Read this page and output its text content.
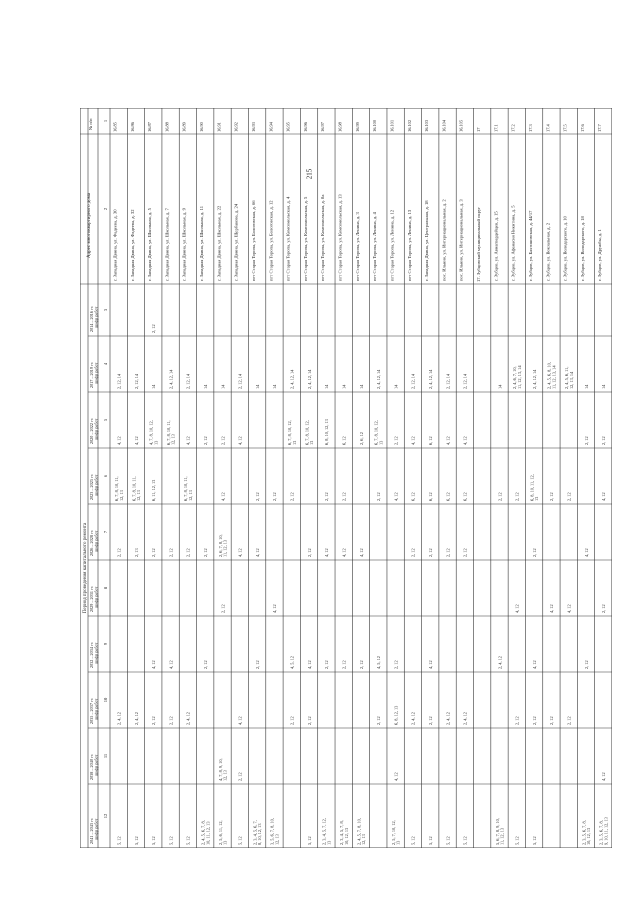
215
№ п/п
Адрес многоквартирного дома
Период проведения капитального ремонта
2014 – 2016 гг. шифр работ
2017 – 2019 гг. шифр работ
2020 – 2022 гг. шифр работ
2023 – 2025 гг. шифр работ
2026 – 2028 гг. шифр работ
2029 – 2031 гг. шифр работ
2032 – 2034 гг. шифр работ
2035 – 2037 гг. шифр работ
2038 – 2040 гг. шифр работ
2041 – 2043 гг. шифр работ
1
2
3
4
5
6
7
8
9
10
11
12
16.85
г. Западная Двина, ул. Фадеева, д. 30
2, 12, 14
4, 12
6, 7, 8, 10, 11,12, 13
2, 12
2, 4, 12
5, 12
16.86
г. Западная Двина, ул. Фадеева, д. 32
2, 12, 14
4, 12
6, 7, 8, 10, 11,12, 13
2, 13
2, 4, 12
5, 12
16.87
г. Западная Двина, ул. Школьная, д. 5
2, 12
14
4, 7, 8, 10, 12,13
6, 11, 12, 13
2, 12
4, 12
2, 12
5, 12
16.88
г. Западная Двина, ул. Школьная, д. 7
2, 4, 12, 14
6, 7, 8, 10, 11,12, 13
2, 12
4, 12
2, 12
5, 12
16.89
г. Западная Двина, ул. Школьная, д. 9
2, 12, 14
4, 12
6, 7, 8, 10, 11,12, 13
2, 12
2, 4, 12
5, 12
16.90
г. Западная Двина, ул. Школьная, д. 11
14
2, 12
2, 12
2, 12
2, 4, 5, 6, 7, 8,10, 11, 12, 13
16.91
г. Западная Двина, ул. Школьная, д. 22
14
2, 12
4, 12
2, 6, 7, 8, 10,11, 12, 13
2, 12
4, 7, 8, 9, 10,12, 13
2, 5, 6, 11, 12,13
16.92
г. Западная Двина, ул. Щербакова, д. 24
2, 12, 14
4, 12
4, 12
4, 12
2, 12
5, 12
16.93
пгт Старая Торопа, ул. Бологовская, д. 66
14
2, 12
4, 12
2, 12
2, 3, 4, 5, 6, 7,8, 10, 12, 13
16.94
пгт Старая Торопа, ул. Бологовская, д. 12
14
2, 12
4, 12
3, 5, 6, 7, 8, 10,12, 13
16.95
пгт Старая Торопа, ул. Комсомольская, д. 4
2, 4, 12, 14
6, 7, 8, 10, 12,13
2, 12
4, 5, 12
2, 12
16.96
пгт Старая Торопа, ул. Комсомольская, д. 5
2, 4, 12, 14
6, 7, 8, 10, 12,13
2, 12
4, 12
2, 12
5, 12
16.97
пгт Старая Торопа, ул. Комсомольская, д. 8а
14
6, 8, 10, 12, 13
2, 12
4, 12
2, 12
2, 3, 4, 5, 7, 12,13
16.98
пгт Старая Торопа, ул. Комсомольская, д. 13
14
6, 12
2, 12
4, 12
2, 12
2, 3, 4, 5, 7, 8,10, 12, 13
16.99
пгт Старая Торопа, ул. Ленина, д. 3
14
2, 6, 12
4, 12
2, 12
2, 4, 5, 7, 8, 10,12, 13
16.100
пгт Старая Торопа, ул. Ленина, д. 4
2, 4, 12, 14
6, 7, 8, 10, 12,13
2, 12
4, 5, 12
2, 12
16.101
пгт Старая Торопа, ул. Ленина, д. 12
14
2, 12
4, 12
2, 12
6, 8, 12, 13
4, 12
2, 5, 7, 10, 12,13
16.102
пгт Старая Торопа, ул. Ленина, д. 13
2, 12, 14
4, 12
6, 12
2, 12
2, 4, 12
5, 12
16.103
г. Западная Двина, ул. Центральная, д. 18
2, 4, 12, 14
6, 12
6, 12
2, 12
4, 12
2, 12
5, 12
16.104
пос. Ильино, ул. Интернациональная, д. 2
2, 12, 14
4, 12
6, 12
2, 12
2, 4, 12
5, 12
16.105
пос. Ильино, ул. Интернациональная, д. 3
2, 12, 14
4, 12
6, 12
2, 12
2, 4, 12
5, 12
17
17. Зубцовский муниципальный округ
17.1
г. Зубцов, ул. Авиагвардейцев, д. 15
14
2, 12
2, 4, 12
5, 6, 7, 8, 9, 10,11, 12, 13
17.2
г. Зубцов, ул. Афанасия Никитина, д. 5
2, 4, 6, 7, 10,11, 12, 13, 14
2, 12
4, 12
2, 12
5, 12
17.3
г. Зубцов, ул. Бахтиновская, д. 44/17
2, 4, 12, 14
6, 8, 10, 11, 12,13
2, 12
4, 12
2, 12
5, 12
17.4
г. Зубцов, ул. Вокзальная, д. 2
2, 4, 5, 6, 8, 10,11, 12, 13, 14
2, 12
4, 12
2, 12
17.5
г. Зубцов, ул. Володарского, д. 10
2, 4, 5, 6, 11,12, 13, 14
2, 12
4, 12
2, 12
17.6
г. Зубцов, ул. Володарского, д. 18
14
2, 12
4, 12
2, 12
2, 3, 5, 6, 7, 8,10, 12, 13
17.7
г. Зубцов, ул. Дружбы, д. 1
14
2, 12
4, 12
2, 12
4, 12
2, 3, 5, 6, 7, 8,9, 10, 11, 12, 13
